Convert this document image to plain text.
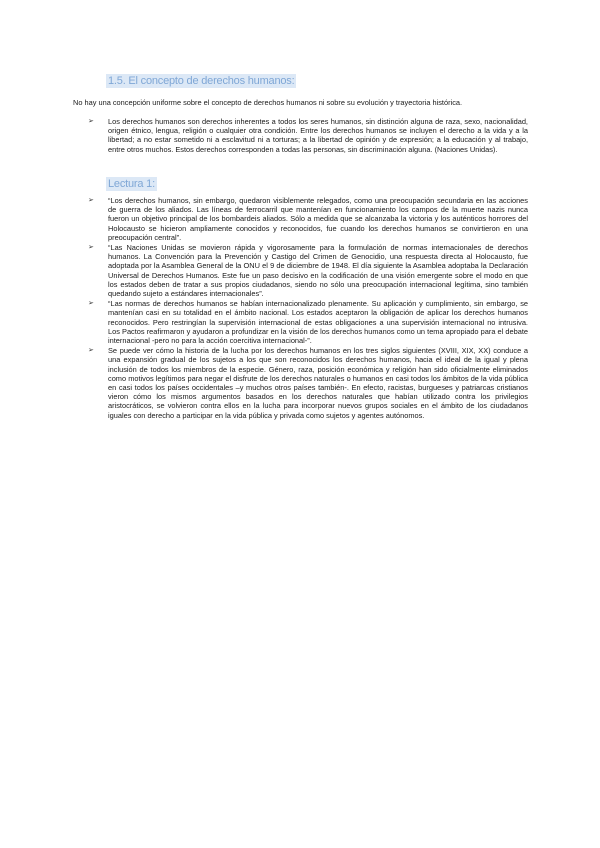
1.5. El concepto de derechos humanos:
No hay una concepción uniforme sobre el concepto de derechos humanos ni sobre su evolución y trayectoria histórica.
➢ Los derechos humanos son derechos inherentes a todos los seres humanos, sin distinción alguna de raza, sexo, nacionalidad, origen étnico, lengua, religión o cualquier otra condición. Entre los derechos humanos se incluyen el derecho a la vida y a la libertad; a no estar sometido ni a esclavitud ni a torturas; a la libertad de opinión y de expresión; a la educación y al trabajo, entre otros muchos. Estos derechos corresponden a todas las personas, sin discriminación alguna. (Naciones Unidas).
Lectura 1:
➢ “Los derechos humanos, sin embargo, quedaron visiblemente relegados, como una preocupación secundaria en las acciones de guerra de los aliados. Las líneas de ferrocarril que mantenían en funcionamiento los campos de la muerte nazis nunca fueron un objetivo principal de los bombardeis aliados. Sólo a medida que se alcanzaba la victoria y los auténticos horrores del Holocausto se hicieron ampliamente conocidos y reconocidos, fue cuando los derechos humanos se convirtieron en una preocupación central”.
➢ “Las Naciones Unidas se movieron rápida y vigorosamente para la formulación de normas internacionales de derechos humanos. La Convención para la Prevención y Castigo del Crimen de Genocidio, una respuesta directa al Holocausto, fue adoptada por la Asamblea General de la ONU el 9 de diciembre de 1948. El día siguiente la Asamblea adoptaba la Declaración Universal de Derechos Humanos. Este fue un paso decisivo en la codificación de una visión emergente sobre el modo en que los estados deben de tratar a sus propios ciudadanos, siendo no sólo una preocupación internacional legítima, sino también quedando sujeto a estándares internacionales”.
➢ “Las normas de derechos humanos se habían internacionalizado plenamente. Su aplicación y cumplimiento, sin embargo, se mantenían casi en su totalidad en el ámbito nacional. Los estados aceptaron la obligación de aplicar los derechos humanos reconocidos. Pero restringían la supervisión internacional de estas obligaciones a una supervisión internacional no intrusiva. Los Pactos reafirmaron y ayudaron a profundizar en la visión de los derechos humanos como un tema apropiado para el debate internacional -pero no para la acción coercitiva internacional-”.
➢ Se puede ver cómo la historia de la lucha por los derechos humanos en los tres siglos siguientes (XVIII, XIX, XX) conduce a una expansión gradual de los sujetos a los que son reconocidos los derechos humanos, hacia el ideal de la igual y plena inclusión de todos los miembros de la especie. Género, raza, posición económica y religión han sido oficialmente eliminados como motivos legítimos para negar el disfrute de los derechos naturales o humanos en casi todos los ámbitos de la vida pública en casi todos los países occidentales –y muchos otros países también-. En efecto, racistas, burgueses y patriarcas cristianos vieron cómo los mismos argumentos basados en los derechos naturales que habían utilizado contra los privilegios aristocráticos, se volvieron contra ellos en la lucha para incorporar nuevos grupos sociales en el ámbito de los ciudadanos iguales con derecho a participar en la vida pública y privada como sujetos y agentes autónomos.
